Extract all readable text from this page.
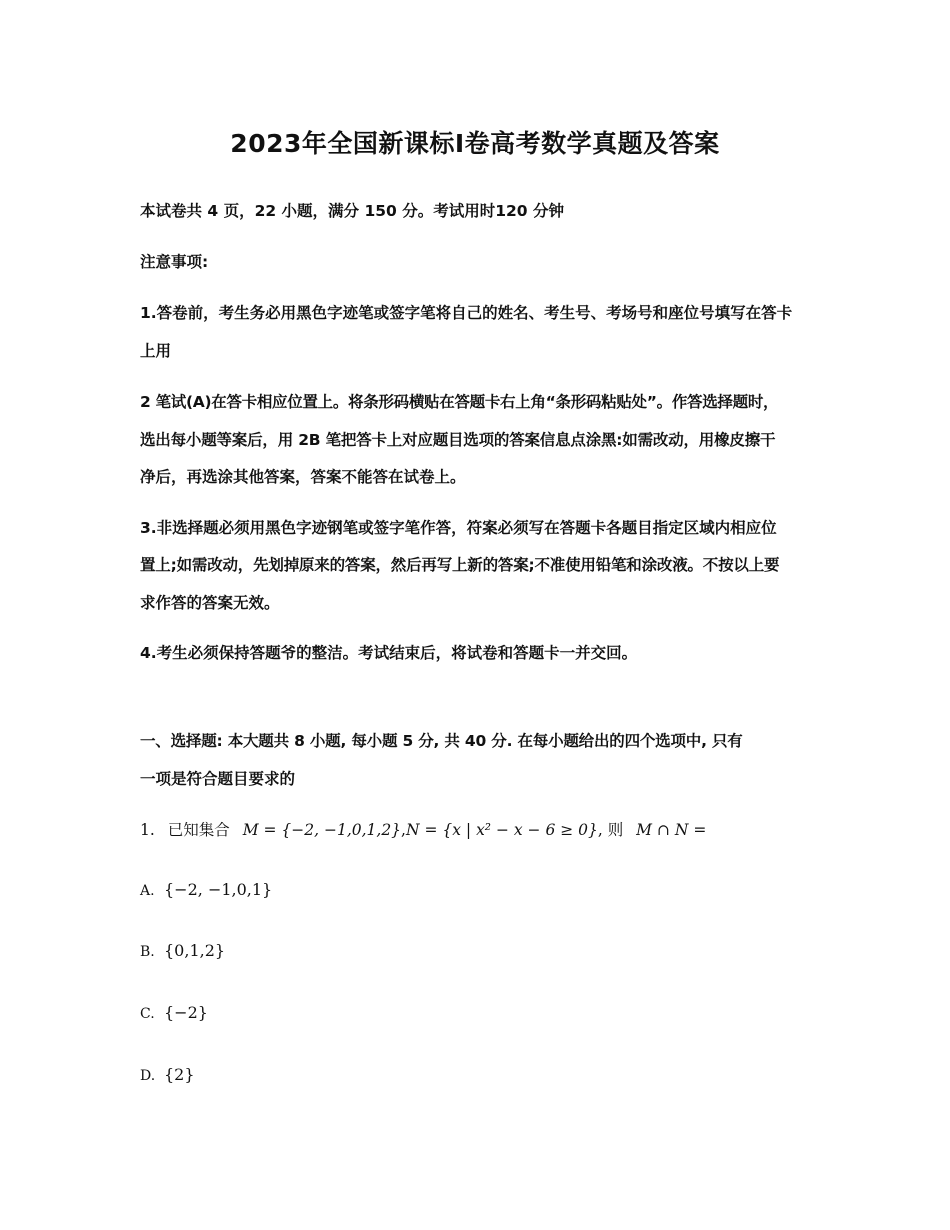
2023年全国新课标I卷高考数学真题及答案
本试卷共 4 页，22 小题，满分 150 分。考试用时120 分钟
注意事项:
1.答卷前，考生务必用黑色字迹笔或签字笔将自己的姓名、考生号、考场号和座位号填写在答卡
上用
2 笔试(A)在答卡相应位置上。将条形码横贴在答题卡右上角“条形码粘贴处”。作答选择题时，
选出每小题等案后，用 2B 笔把答卡上对应题目选项的答案信息点涂黑:如需改动，用橡皮擦干
净后，再选涂其他答案，答案不能答在试卷上。
3.非选择题必须用黑色字迹钢笔或签字笔作答，符案必须写在答题卡各题目指定区域内相应位
置上;如需改动，先划掉原来的答案，然后再写上新的答案;不准使用铅笔和涂改液。不按以上要
求作答的答案无效。
4.考生必须保持答题爷的整洁。考试结束后，将试卷和答题卡一并交回。
一、选择题: 本大题共 8 小题, 每小题 5 分, 共 40 分. 在每小题给出的四个选项中, 只有
一项是符合题目要求的
1. 已知集合 M = {−2, −1,0,1,2},N = {x | x² − x − 6 ≥ 0}, 则 M ∩ N =
A. {−2, −1,0,1}
B. {0,1,2}
C. {−2}
D. {2}
